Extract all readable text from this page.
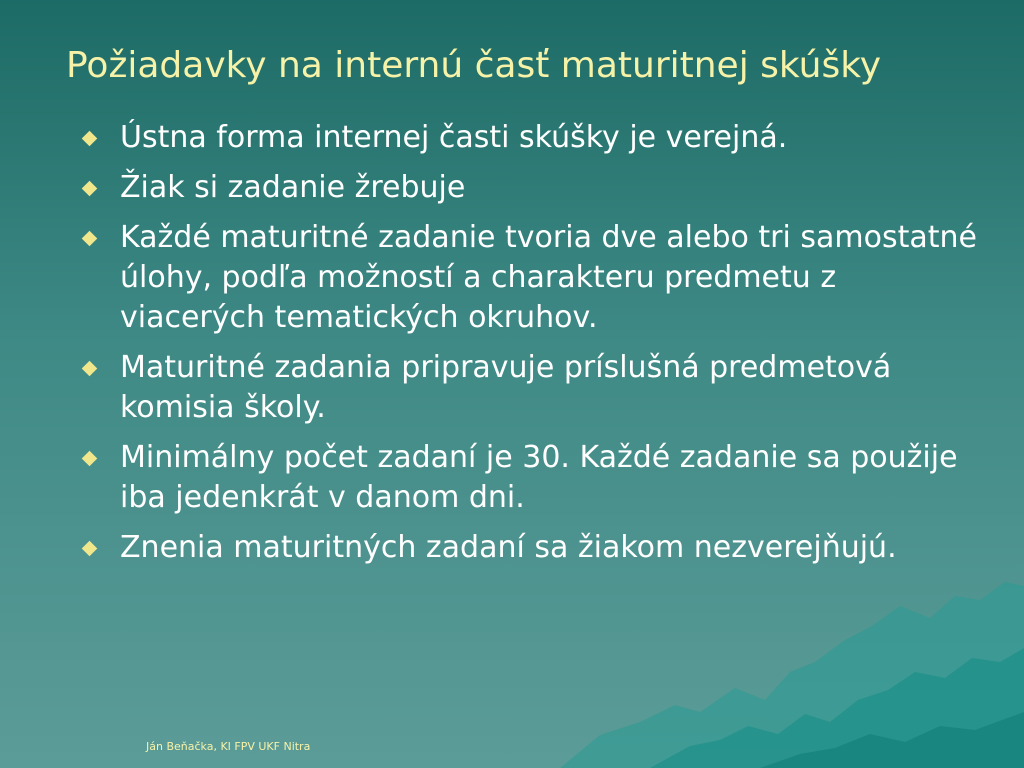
Požiadavky na internú časť maturitnej skúšky
Ústna forma internej časti skúšky je verejná.
Žiak si zadanie žrebuje
Každé maturitné zadanie tvoria dve alebo tri samostatné úlohy, podľa možností a charakteru predmetu z viacerých tematických okruhov.
Maturitné zadania pripravuje príslušná predmetová komisia školy.
Minimálny počet zadaní je 30. Každé zadanie sa použije iba jedenkrát v danom dni.
Znenia maturitných zadaní sa žiakom nezverejňujú.
Ján Beňačka, KI FPV UKF Nitra
